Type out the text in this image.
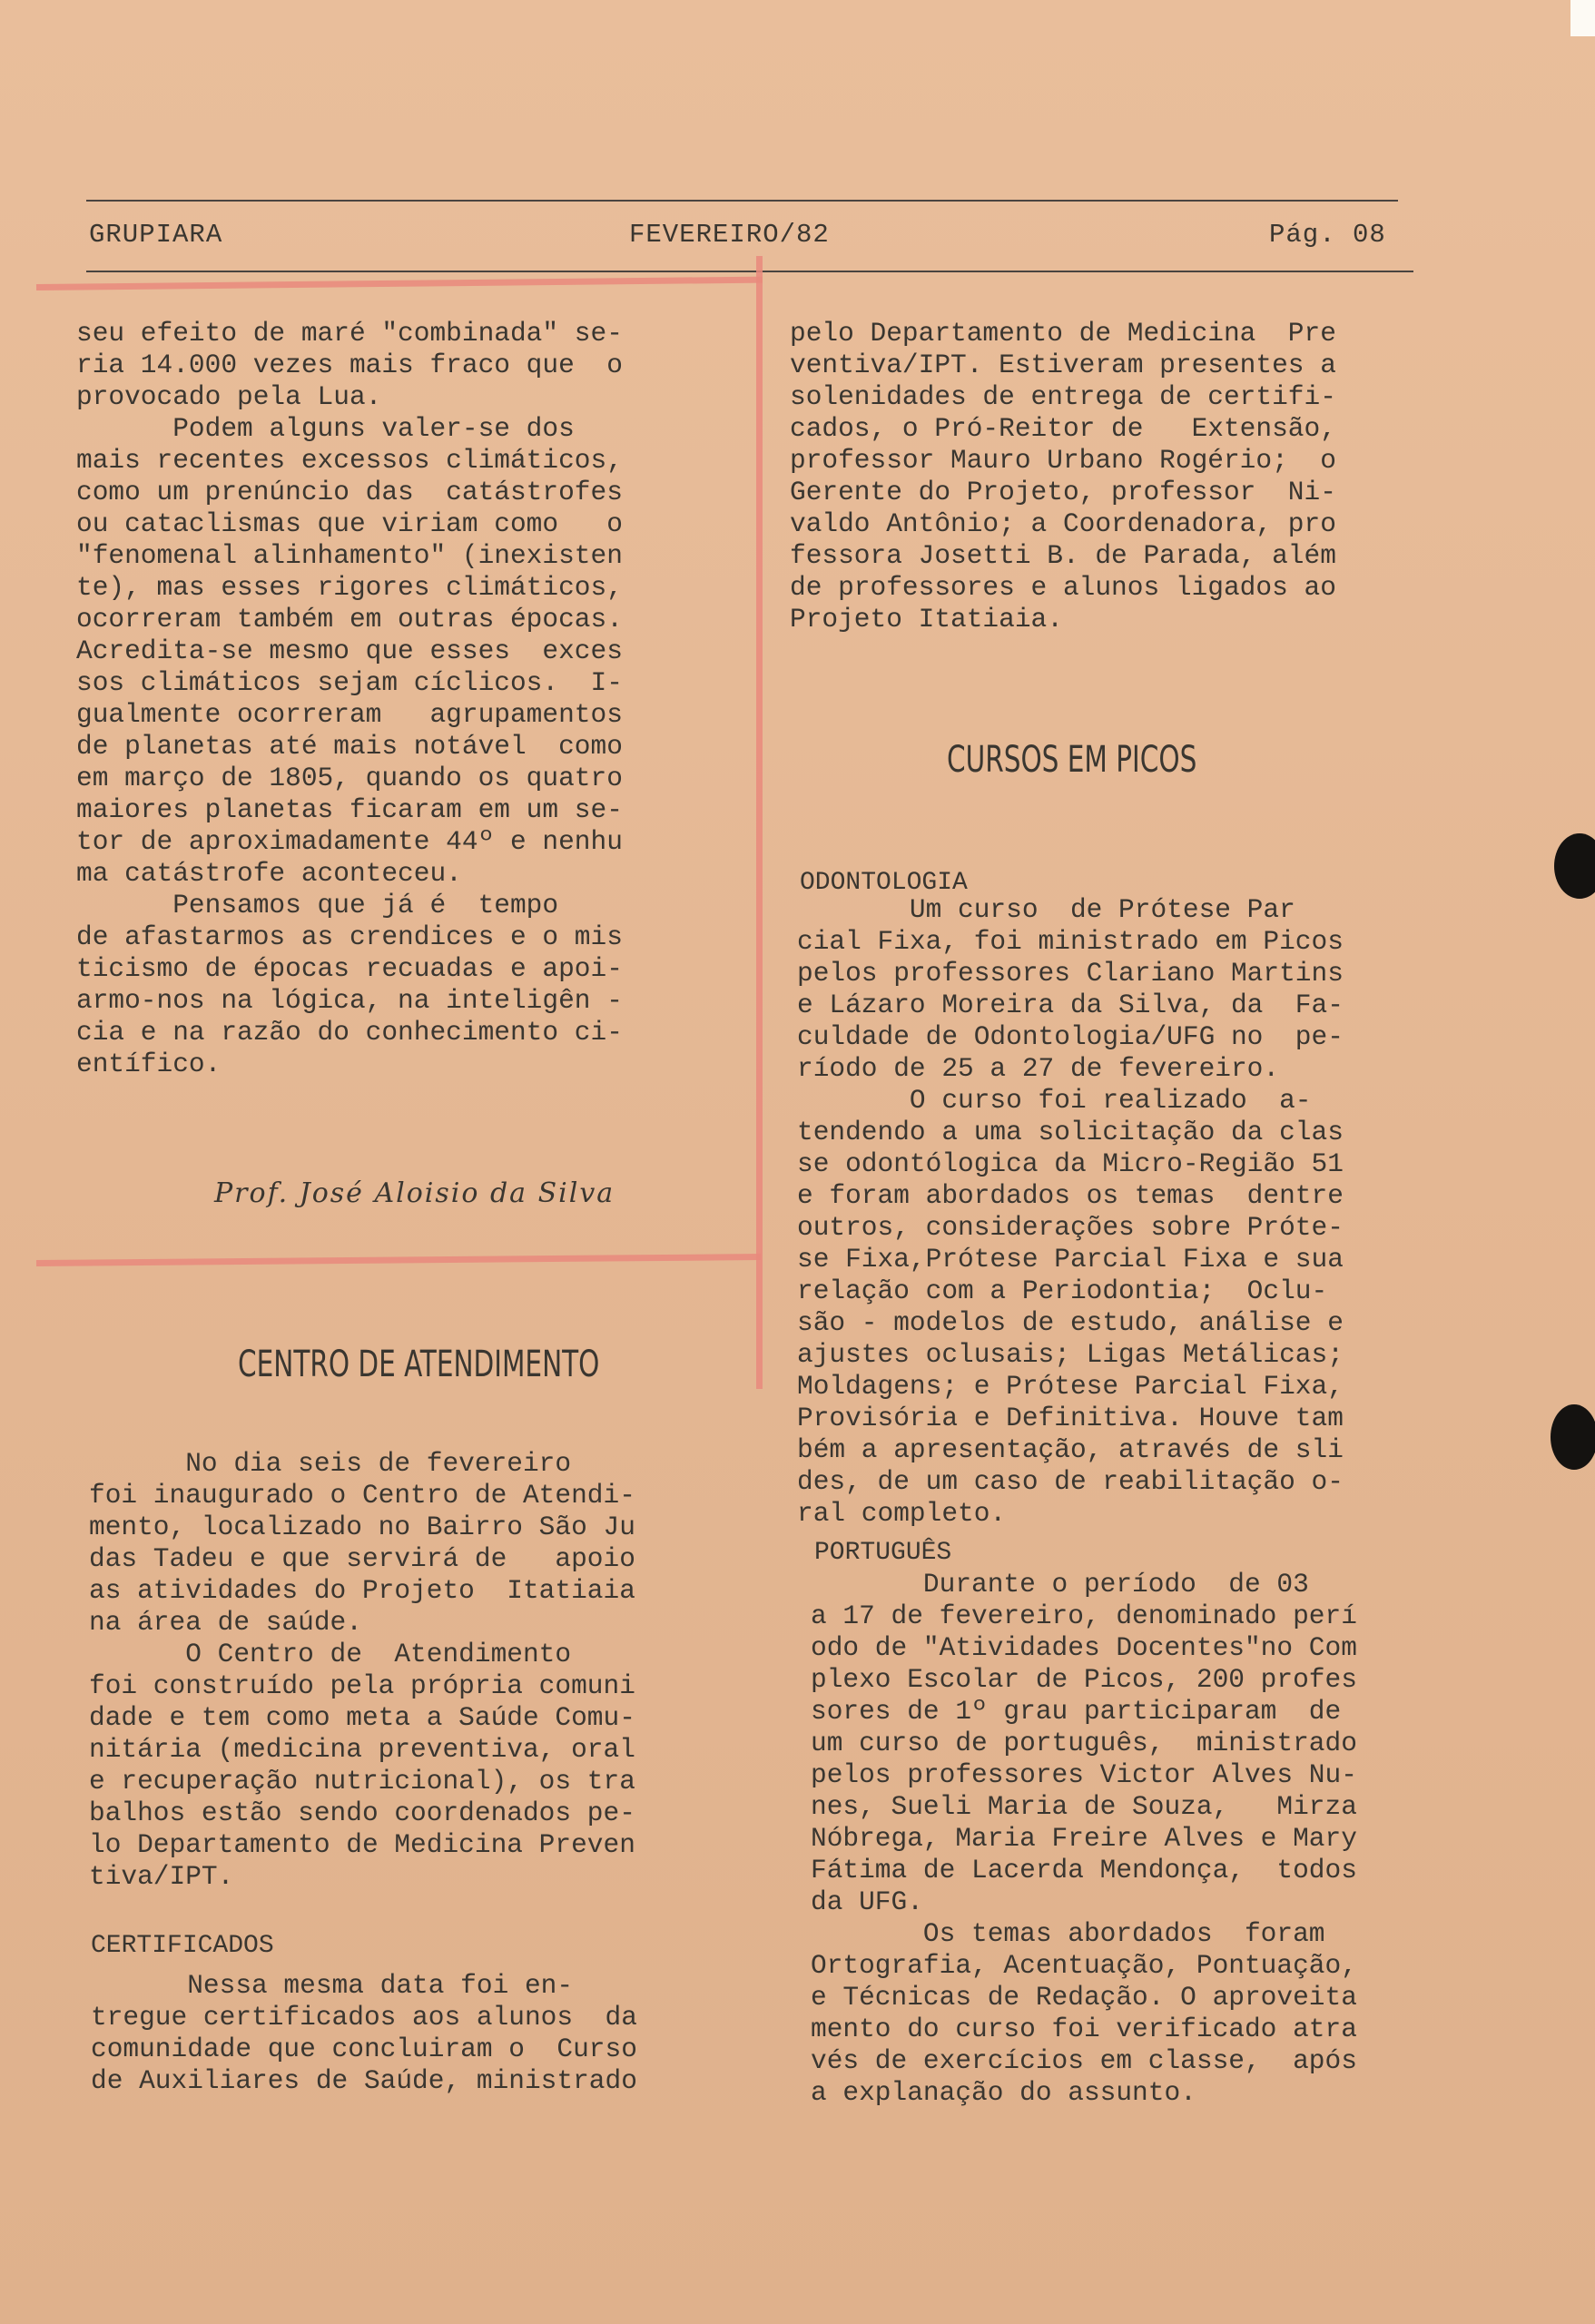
GRUPIARA	FEVEREIRO/82	Pág. 08
seu efeito de maré "combinada" se-
ria 14.000 vezes mais fraco que  o
provocado pela Lua.
Podem alguns valer-se dos
mais recentes excessos climáticos,
como um prenúncio das  catástrofes
ou cataclismas que viriam como   o
"fenomenal alinhamento" (inexisten
te), mas esses rigores climáticos,
ocorreram também em outras épocas.
Acredita-se mesmo que esses  exces
sos climáticos sejam cíclicos.  I-
gualmente ocorreram   agrupamentos
de planetas até mais notável  como
em março de 1805, quando os quatro
maiores planetas ficaram em um se-
tor de aproximadamente 44º e nenhu
ma catástrofe aconteceu.
Pensamos que já é  tempo
de afastarmos as crendices e o mis
ticismo de épocas recuadas e apoi-
armo-nos na lógica, na inteligên -
cia e na razão do conhecimento ci-
entífico.
Prof. José Aloisio da Silva
CENTRO DE ATENDIMENTO
No dia seis de fevereiro
foi inaugurado o Centro de Atendi-
mento, localizado no Bairro São Ju
das Tadeu e que servirá de   apoio
as atividades do Projeto  Itatiaia
na área de saúde.
O Centro de  Atendimento
foi construído pela própria comuni
dade e tem como meta a Saúde Comu-
nitária (medicina preventiva, oral
e recuperação nutricional), os tra
balhos estão sendo coordenados pe-
lo Departamento de Medicina Preven
tiva/IPT.
CERTIFICADOS
Nessa mesma data foi en-
tregue certificados aos alunos  da
comunidade que concluiram o  Curso
de Auxiliares de Saúde, ministrado
pelo Departamento de Medicina  Pre
ventiva/IPT. Estiveram presentes a
solenidades de entrega de certifi-
cados, o Pró-Reitor de   Extensão,
professor Mauro Urbano Rogério;  o
Gerente do Projeto, professor  Ni-
valdo Antônio; a Coordenadora, pro
fessora Josetti B. de Parada, além
de professores e alunos ligados ao
Projeto Itatiaia.
CURSOS EM PICOS
ODONTOLOGIA
Um curso  de Prótese Par
cial Fixa, foi ministrado em Picos
pelos professores Clariano Martins
e Lázaro Moreira da Silva, da  Fa-
culdade de Odontologia/UFG no  pe-
ríodo de 25 a 27 de fevereiro.
O curso foi realizado  a-
tendendo a uma solicitação da clas
se odontólogica da Micro-Região 51
e foram abordados os temas  dentre
outros, considerações sobre Próte-
se Fixa,Prótese Parcial Fixa e sua
relação com a Periodontia;  Oclu-
são - modelos de estudo, análise e
ajustes oclusais; Ligas Metálicas;
Moldagens; e Prótese Parcial Fixa,
Provisória e Definitiva. Houve tam
bém a apresentação, através de sli
des, de um caso de reabilitação o-
ral completo.
PORTUGUÊS
Durante o período  de 03
a 17 de fevereiro, denominado perí
odo de "Atividades Docentes"no Com
plexo Escolar de Picos, 200 profes
sores de 1º grau participaram  de
um curso de português,  ministrado
pelos professores Victor Alves Nu-
nes, Sueli Maria de Souza,   Mirza
Nóbrega, Maria Freire Alves e Mary
Fátima de Lacerda Mendonça,  todos
da UFG.
Os temas abordados  foram
Ortografia, Acentuação, Pontuação,
e Técnicas de Redação. O aproveita
mento do curso foi verificado atra
vés de exercícios em classe,  após
a explanação do assunto.
